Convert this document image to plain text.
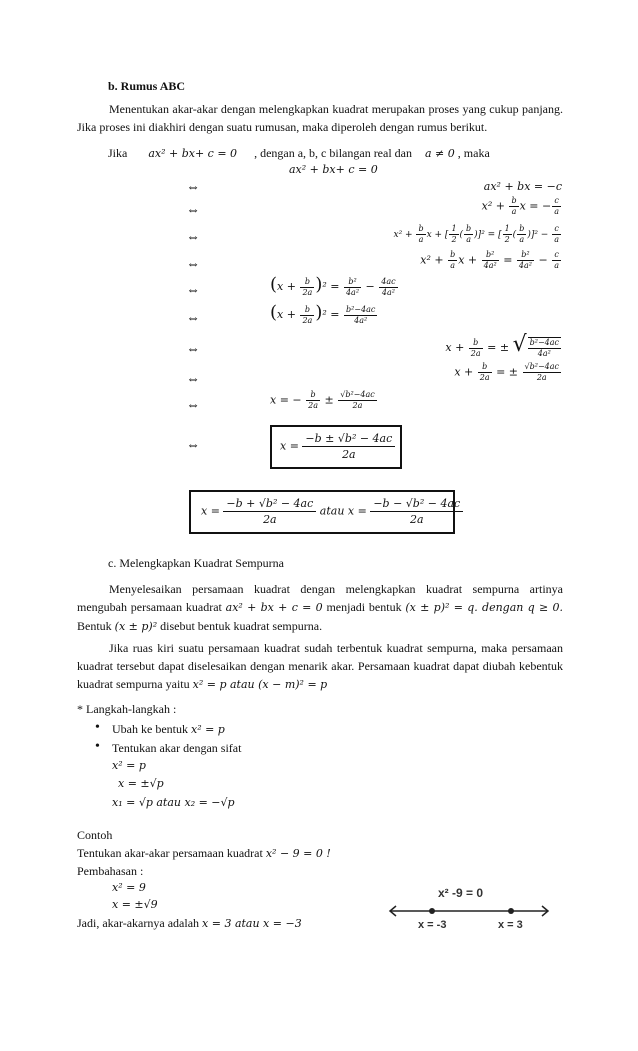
b. Rumus ABC
Menentukan akar-akar dengan melengkapkan kuadrat merupakan proses yang cukup panjang. Jika proses ini diakhiri dengan suatu rumusan, maka diperoleh dengan rumus berikut.
Jika ax² + bx+ c = 0 , dengan a, b, c bilangan real dan a ≠ 0 , maka
ax² + bx+ c = 0
⇔	ax² + bx = −c
⇔	$x^2 + \frac{b}{a}$ x = − $\frac{c}{a}$
⇔	$x^2 + \frac{b}{a}$ x + [ $\frac{1}{2}$ ( $\frac{b}{a} )]^2$ = [ $\frac{1}{2}$ ( $\frac{b}{a} )]^2 - \frac{c}{a}$
⇔	$x^2 + \frac{b}{a}$ $x + \frac{\text{b²}}{\text{4a²}} = \frac{\text{b²}}{\text{4a²}} - \frac{c}{a}$
⇔	$(x + \frac{b}{2a} )^2 = \frac{\text{b²}}{\text{4a²}} - \frac{4ac}{\text{4a²}}$
⇔	$(x + \frac{b}{2a} )^2 = \frac{\text{b²−4ac}}{\text{4a²}}$
⇔	$x + \frac{b}{2a}$ = ± √ $\frac{\text{b²−4ac}}{\text{4a²}}$
⇔	$x + \frac{b}{2a}$ = ± $\frac{\text{√b²−4ac}}{2a}$
⇔	x = − $\frac{b}{2a} \pm \frac{\text{√b²−4ac}}{2a}$
⇔	$x = \frac{\text{−b ± √b² − 4ac}}{2a}$
$x = \frac{\text{−b + √b² − 4ac}}{2a}$ atau $x = \frac{\text{−b − √b² − 4ac}}{2a}$
c. Melengkapkan Kuadrat Sempurna
Menyelesaikan persamaan kuadrat dengan melengkapkan kuadrat sempurna artinya mengubah persamaan kuadrat ax² + bx + c = 0 menjadi bentuk (x ± p)² = q. dengan q ≥ 0. Bentuk (x ± p)² disebut bentuk kuadrat sempurna.
Jika ruas kiri suatu persamaan kuadrat sudah terbentuk kuadrat sempurna, maka persamaan kuadrat tersebut dapat diselesaikan dengan menarik akar. Persamaan kuadrat dapat diubah kebentuk kuadrat sempurna yaitu x² = p atau (x − m)² = p
* Langkah-langkah :
• Ubah ke bentuk x² = p
• Tentukan akar dengan sifat
x² = p
x = ±√p
x₁ = √p atau x₂ = −√p
Contoh
Tentukan akar-akar persamaan kuadrat x² − 9 = 0 !
Pembahasan :
x² = 9
x = ±√9
Jadi, akar-akarnya adalah x = 3 atau x = −3
x² -9 = 0
x = -3	x = 3
